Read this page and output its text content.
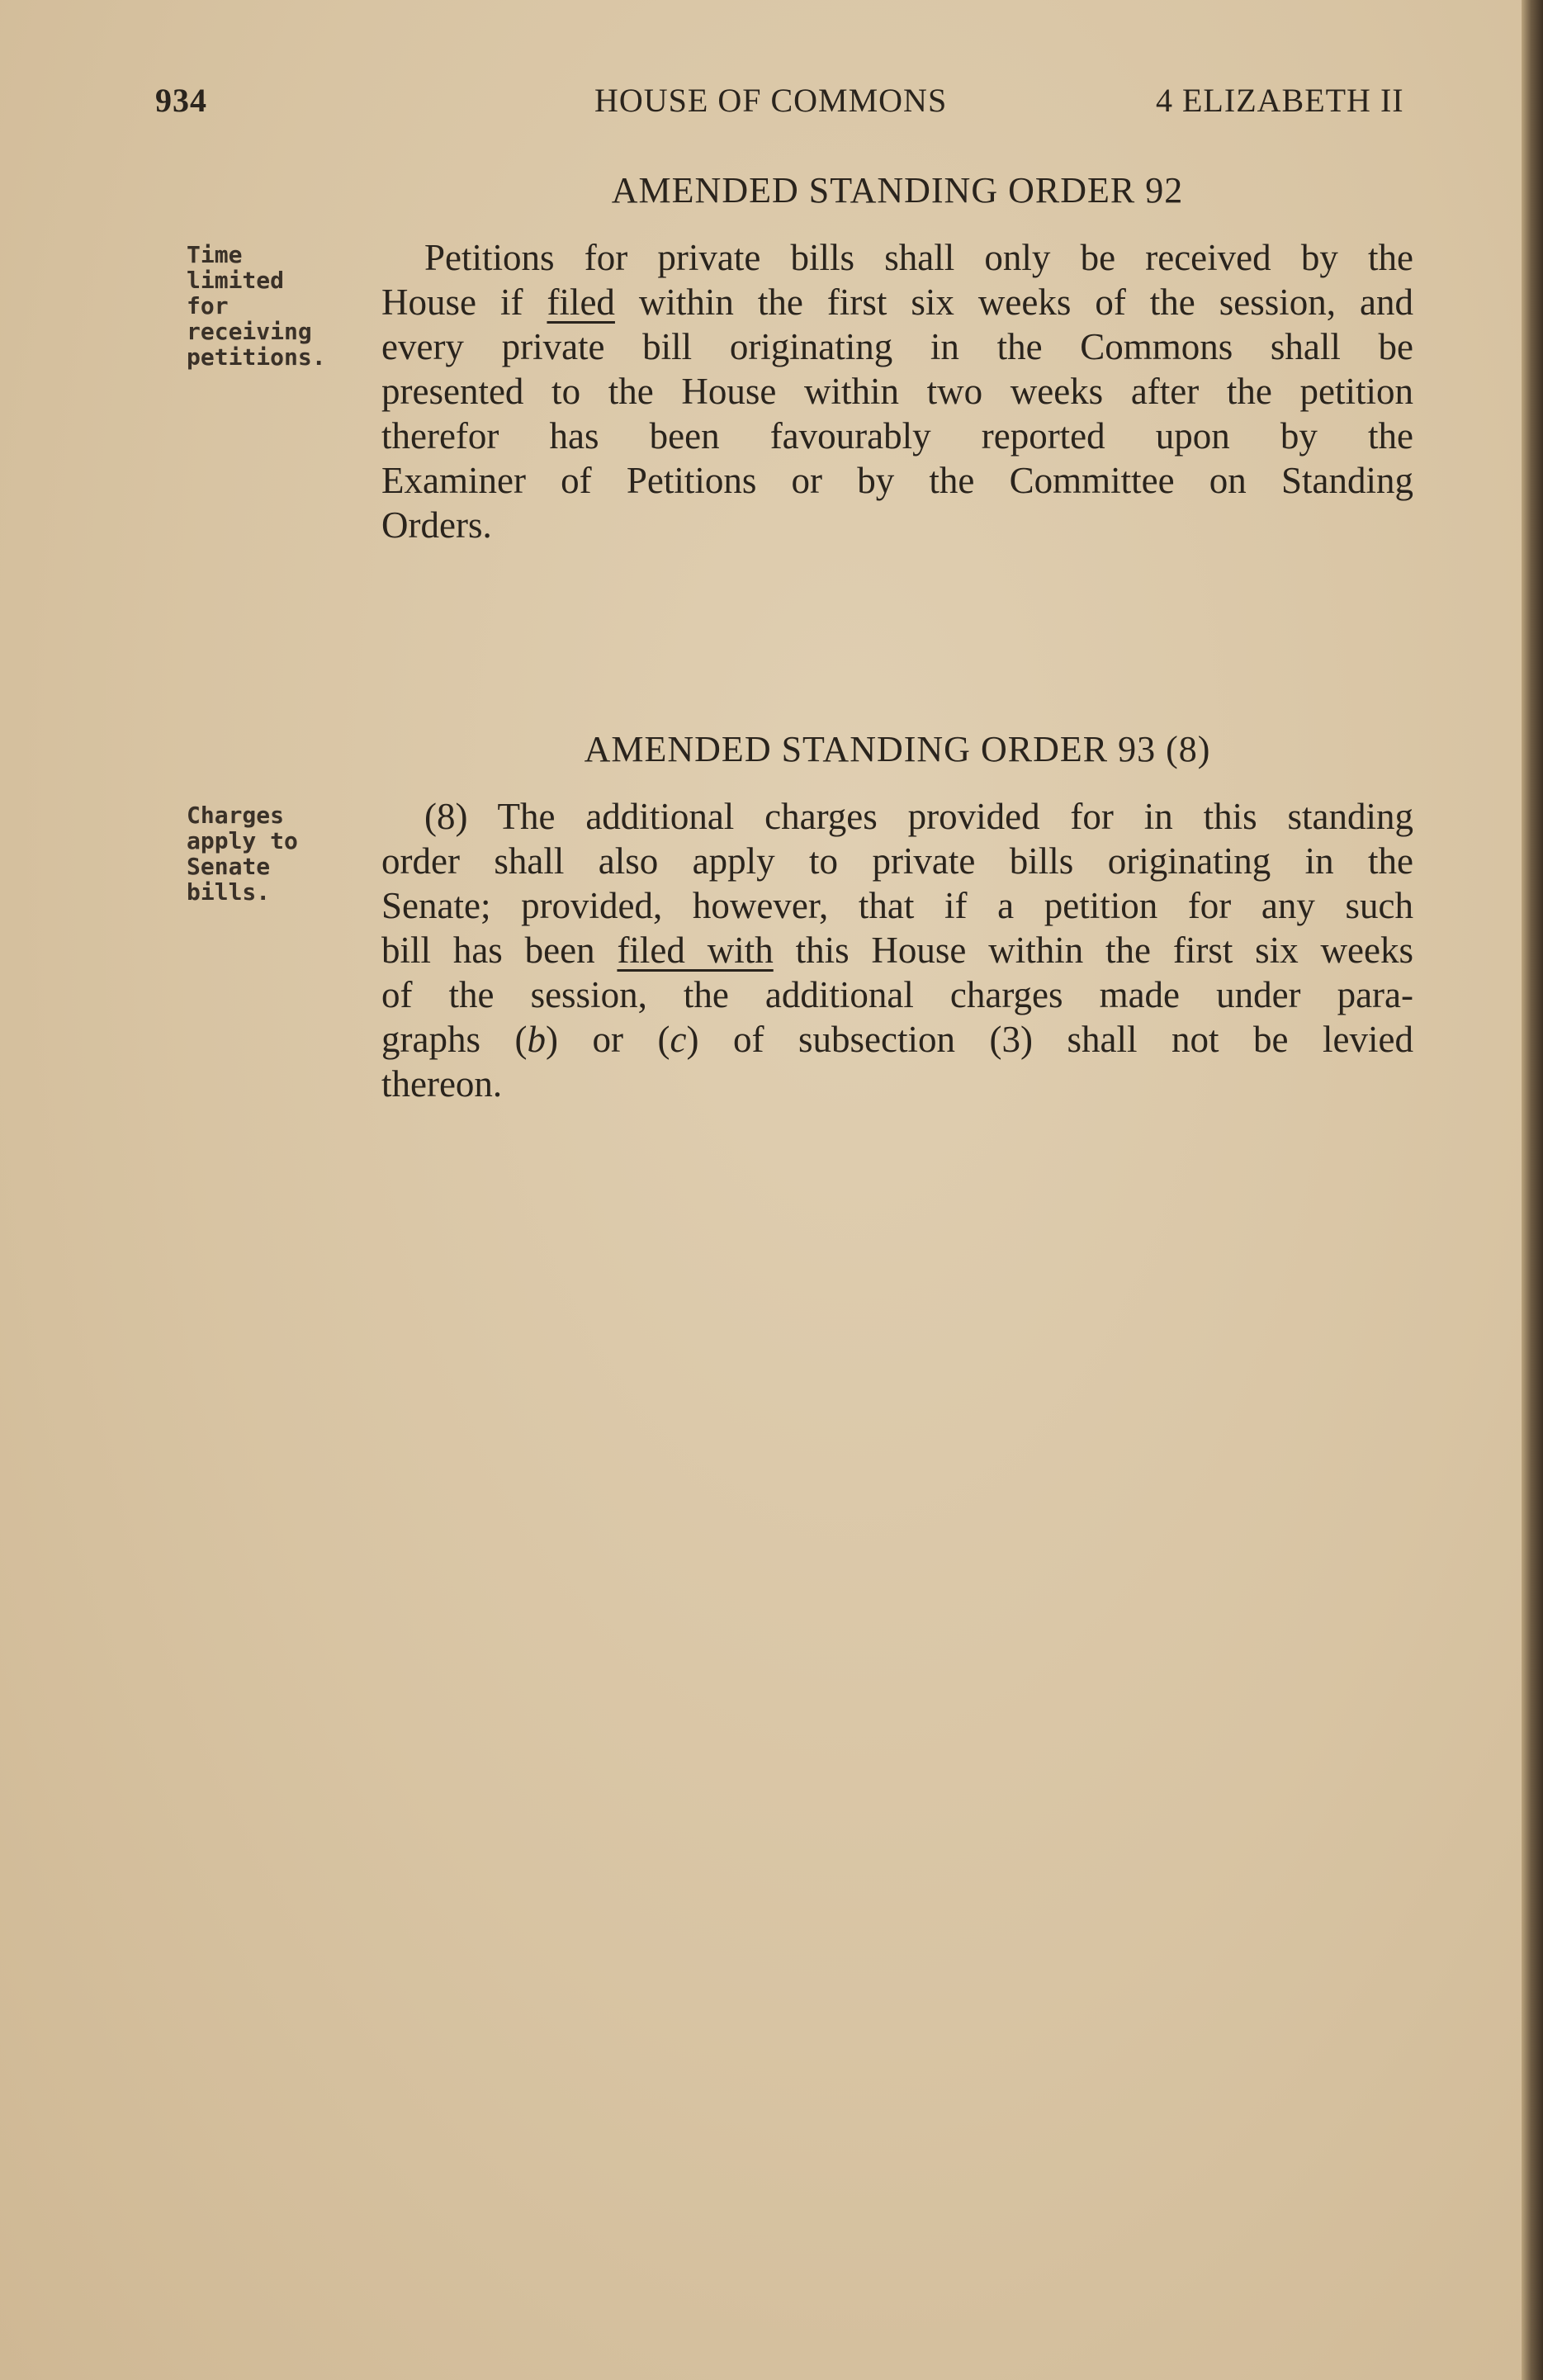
934	HOUSE OF COMMONS	4 ELIZABETH II
AMENDED STANDING ORDER 92
Time
limited
for
receiving
petitions.
Petitions for private bills shall only be received by the
House if filed within the first six weeks of the session, and
every private bill originating in the Commons shall be
presented to the House within two weeks after the petition
therefor has been favourably reported upon by the
Examiner of Petitions or by the Committee on Standing
Orders.
AMENDED STANDING ORDER 93 (8)
Charges
apply to
Senate
bills.
(8) The additional charges provided for in this standing
order shall also apply to private bills originating in the
Senate; provided, however, that if a petition for any such
bill has been filed with this House within the first six weeks
of the session, the additional charges made under para-
graphs (b) or (c) of subsection (3) shall not be levied
thereon.
